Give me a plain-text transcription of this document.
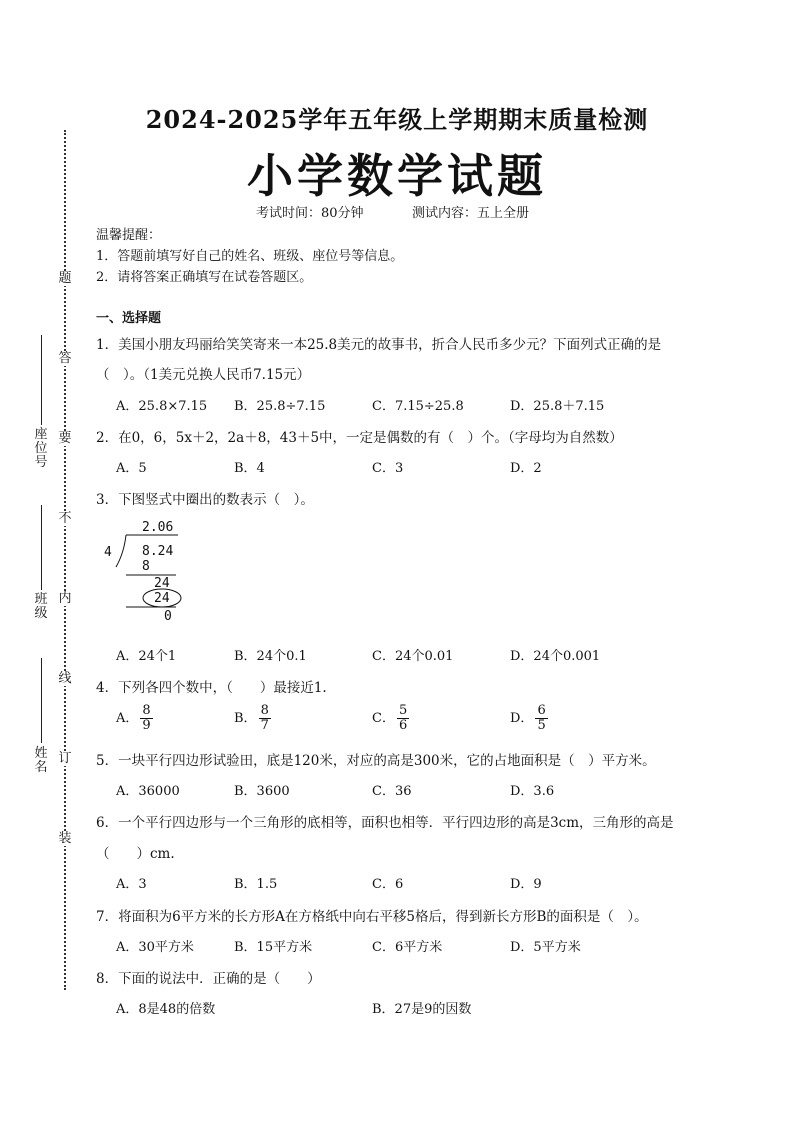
2024-2025学年五年级上学期期末质量检测
小学数学试题
考试时间：80分钟	测试内容：五上全册
座位号
班级
姓名
题
答
要
不
内
线
订
装
温馨提醒：
1．答题前填写好自己的姓名、班级、座位号等信息。
2．请将答案正确填写在试卷答题区。
一、选择题
1．美国小朋友玛丽给笑笑寄来一本25.8美元的故事书，折合人民币多少元？下面列式正确的是
（　）。（1美元兑换人民币7.15元）
A．25.8×7.15 B．25.8÷7.15	C．7.15÷25.8	D．25.8＋7.15
2．在0，6，5x＋2，2a＋8，43＋5中，一定是偶数的有（　）个。（字母均为自然数）
A．5	B．4	C．3	D．2
3．下图竖式中圈出的数表示（　）。
2.06
4 8.24
8
24
24
0
A．24个1	B．24个0.1	C．24个0.01	D．24个0.001
4．下列各四个数中，（　　）最接近1.
A． $\frac{8}{9}$	B． $\frac{8}{7}$	C． $\frac{5}{6}$	D． $\frac{6}{5}$
5．一块平行四边形试验田，底是120米，对应的高是300米，它的占地面积是（　）平方米。
A．36000	B．3600	C．36	D．3.6
6．一个平行四边形与一个三角形的底相等，面积也相等．平行四边形的高是3cm，三角形的高是
（　　）cm.
A．3	B．1.5	C．6	D．9
7．将面积为6平方米的长方形A在方格纸中向右平移5格后，得到新长方形B的面积是（　）。
A．30平方米	B．15平方米	C．6平方米	D．5平方米
8．下面的说法中．正确的是（　　）
A．8是48的倍数	B．27是9的因数
